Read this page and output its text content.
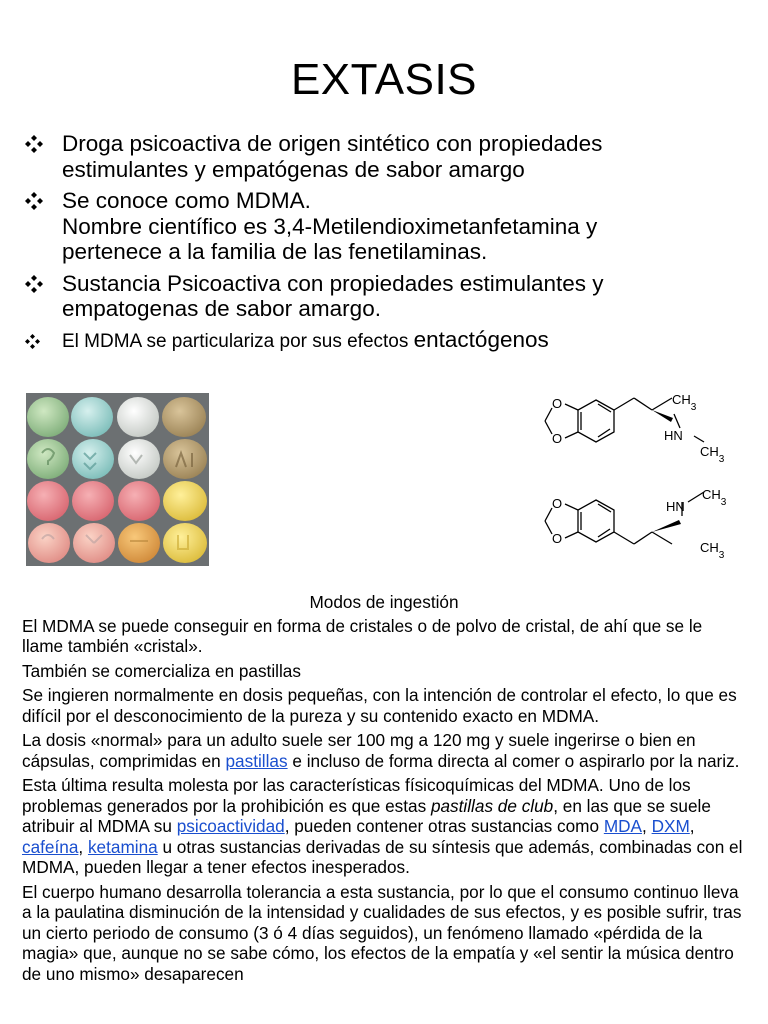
EXTASIS
Droga psicoactiva de origen sintético con propiedades
estimulantes y empatógenas de sabor amargo
Se conoce como MDMA.
Nombre científico es 3,4-Metilendioximetanfetamina y
pertenece a la familia de las fenetilaminas.
Sustancia Psicoactiva con propiedades estimulantes y
empatogenas de sabor amargo.
El MDMA se particulariza por sus efectos entactógenos
O
O
$CH_3$
HN
$CH_3$
O
O
HN
$CH_3$
$CH_3$
Modos de ingestión

El MDMA se puede conseguir en forma de cristales o de polvo de cristal, de ahí que se le llame también «cristal».

También se comercializa en pastillas

Se ingieren normalmente en dosis pequeñas, con la intención de controlar el efecto, lo que es difícil por el desconocimiento de la pureza y su contenido exacto en MDMA.

La dosis «normal» para un adulto suele ser 100 mg a 120 mg y suele ingerirse o bien en cápsulas, comprimidas en pastillas e incluso de forma directa al comer o aspirarlo por la nariz.

Esta última resulta molesta por las características físicoquímicas del MDMA. Uno de los problemas generados por la prohibición es que estas pastillas de club, en las que se suele atribuir al MDMA su psicoactividad, pueden contener otras sustancias como MDA, DXM, cafeína, ketamina u otras sustancias derivadas de su síntesis que además, combinadas con el MDMA, pueden llegar a tener efectos inesperados.

El cuerpo humano desarrolla tolerancia a esta sustancia, por lo que el consumo continuo lleva a la paulatina disminución de la intensidad y cualidades de sus efectos, y es posible sufrir, tras un cierto periodo de consumo (3 ó 4 días seguidos), un fenómeno llamado «pérdida de la magia» que, aunque no se sabe cómo, los efectos de la empatía y «el sentir la música dentro de uno mismo» desaparecen
